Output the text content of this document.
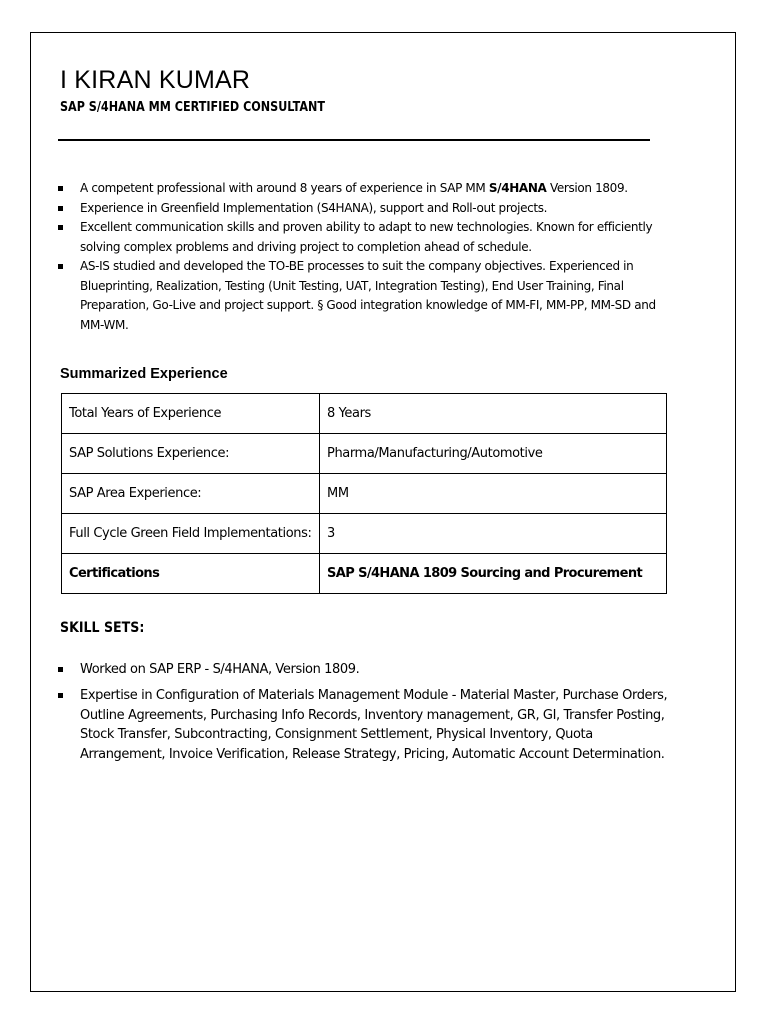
I KIRAN KUMAR
SAP S/4HANA MM CERTIFIED CONSULTANT
A competent professional with around 8 years of experience in SAP MM S/4HANA Version 1809.
Experience in Greenfield Implementation (S4HANA), support and Roll-out projects.
Excellent communication skills and proven ability to adapt to new technologies. Known for efficiently solving complex problems and driving project to completion ahead of schedule.
AS-IS studied and developed the TO-BE processes to suit the company objectives. Experienced in Blueprinting, Realization, Testing (Unit Testing, UAT, Integration Testing), End User Training, Final Preparation, Go-Live and project support. § Good integration knowledge of MM-FI, MM-PP, MM-SD and MM-WM.
Summarized Experience
Total Years of Experience	8 Years
SAP Solutions Experience:	Pharma/Manufacturing/Automotive
SAP Area Experience:	MM
Full Cycle Green Field Implementations:	3
Certifications	SAP S/4HANA 1809 Sourcing and Procurement
SKILL SETS:
Worked on SAP ERP - S/4HANA, Version 1809.
Expertise in Configuration of Materials Management Module - Material Master, Purchase Orders, Outline Agreements, Purchasing Info Records, Inventory management, GR, GI, Transfer Posting, Stock Transfer, Subcontracting, Consignment Settlement, Physical Inventory, Quota Arrangement, Invoice Verification, Release Strategy, Pricing, Automatic Account Determination.
